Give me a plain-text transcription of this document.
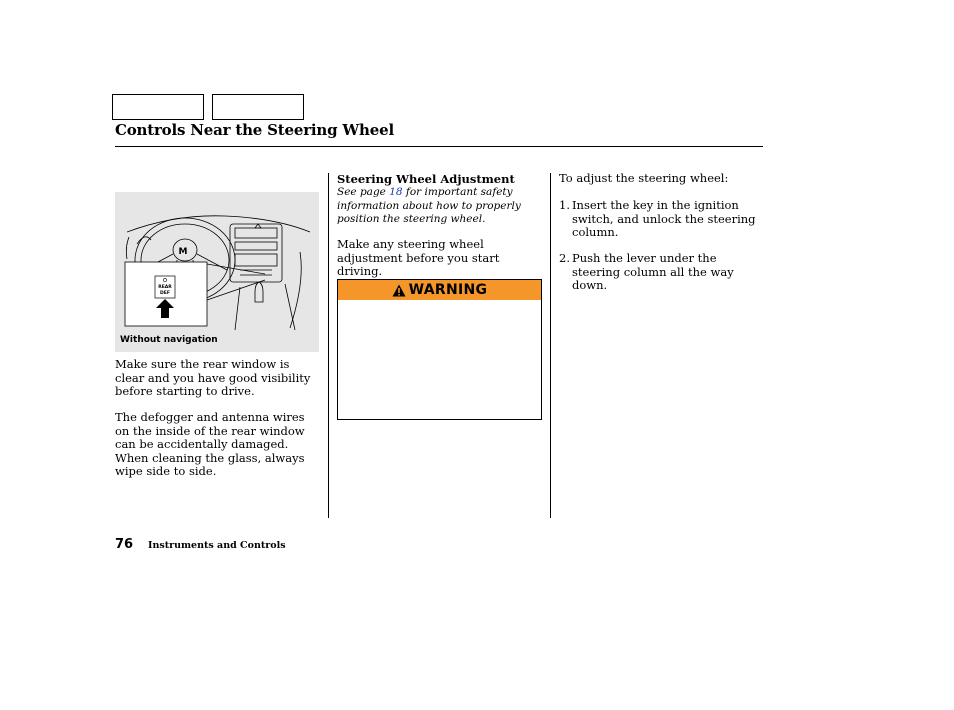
Controls Near the Steering Wheel
M
REAR
DEF
Without navigation
Make sure the rear window is clear and you have good visibility before starting to drive.
The defogger and antenna wires on the inside of the rear window can be accidentally damaged. When cleaning the glass, always wipe side to side.
Steering Wheel Adjustment
See page 18 for important safety information about how to properly position the steering wheel.
Make any steering wheel adjustment before you start driving.
WARNING
To adjust the steering wheel:
1. Insert the key in the ignition switch, and unlock the steering column.
2. Push the lever under the steering column all the way down.
76 Instruments and Controls
